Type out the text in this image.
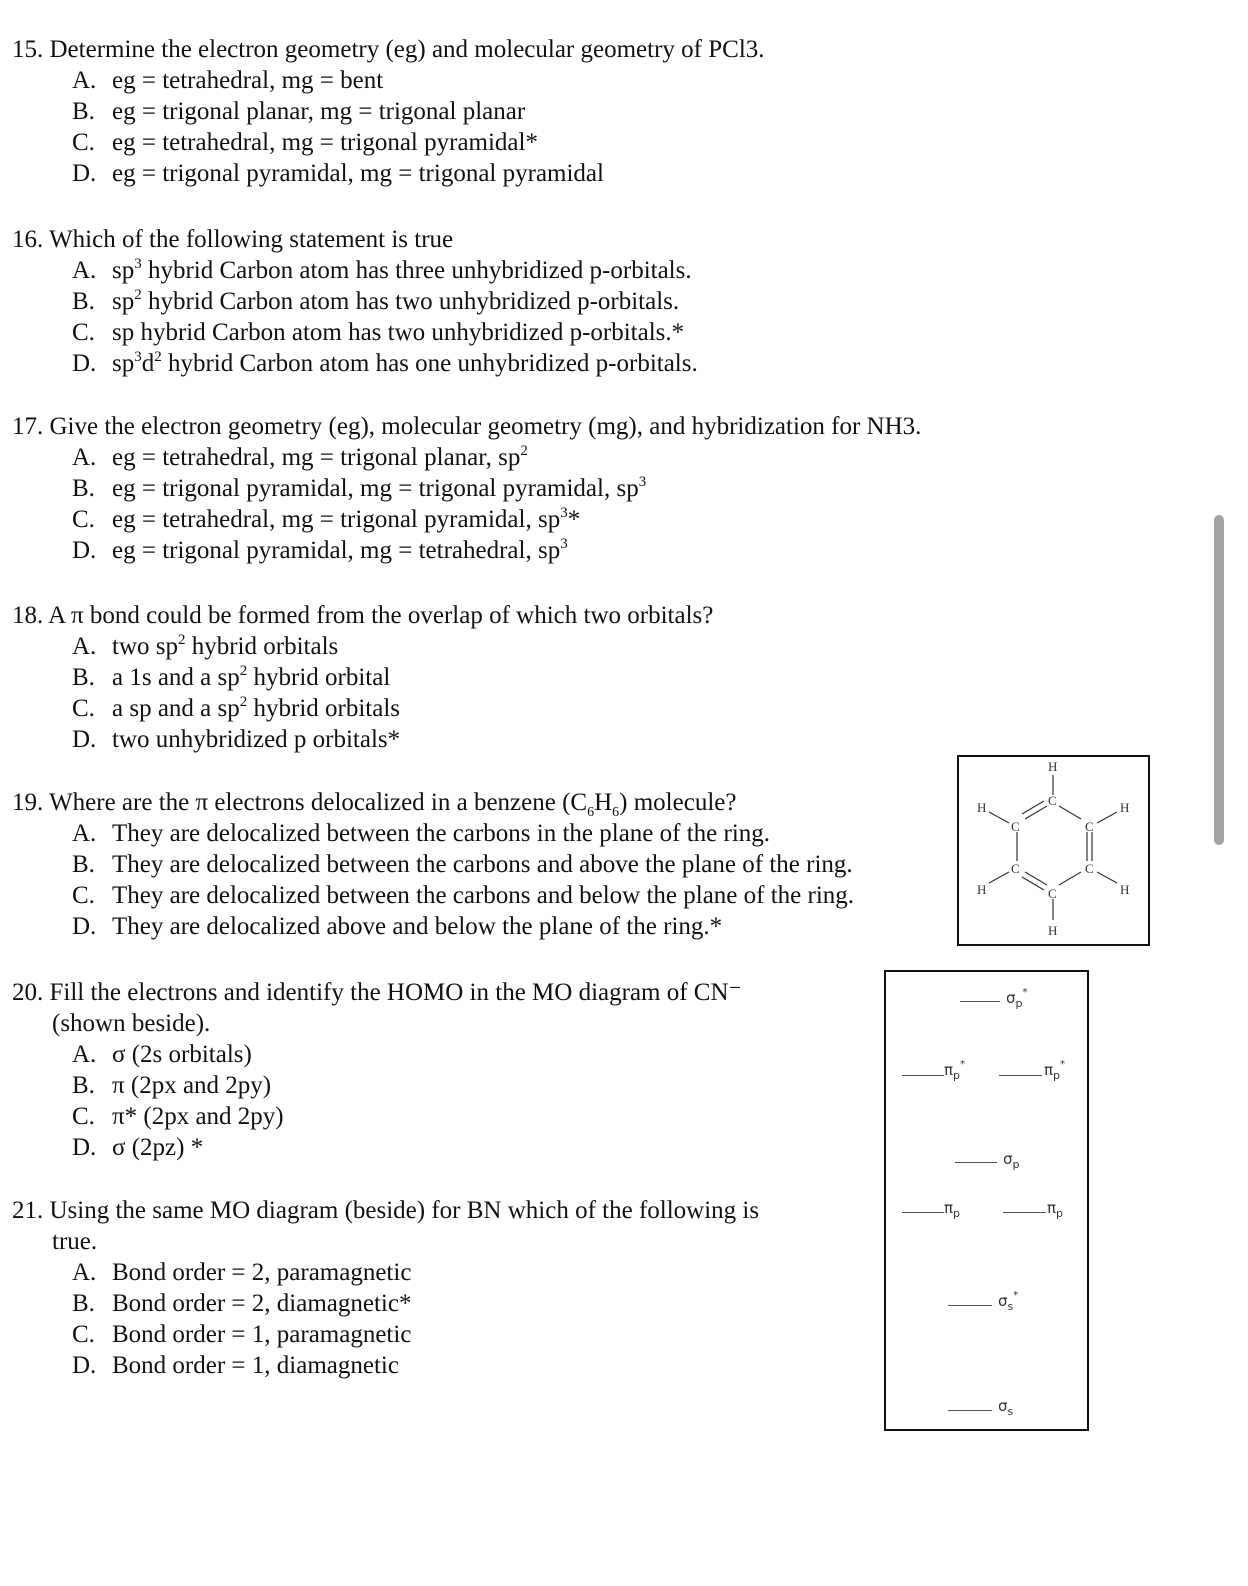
15. Determine the electron geometry (eg) and molecular geometry of PCl3.
A. eg = tetrahedral, mg = bent
B. eg = trigonal planar, mg = trigonal planar
C. eg = tetrahedral, mg = trigonal pyramidal*
D. eg = trigonal pyramidal, mg = trigonal pyramidal
16. Which of the following statement is true
A. $sp^3$ hybrid Carbon atom has three unhybridized p-orbitals.
B. $sp^2$ hybrid Carbon atom has two unhybridized p-orbitals.
C. sp hybrid Carbon atom has two unhybridized p-orbitals.*
D. $sp^3d^2$ hybrid Carbon atom has one unhybridized p-orbitals.
17. Give the electron geometry (eg), molecular geometry (mg), and hybridization for NH3.
A. eg = tetrahedral, mg = trigonal planar, $sp^2$
B. eg = trigonal pyramidal, mg = trigonal pyramidal, $sp^3$
C. eg = tetrahedral, mg = trigonal pyramidal, $sp^3*$
D. eg = trigonal pyramidal, mg = tetrahedral, $sp^3$
18. A π bond could be formed from the overlap of which two orbitals?
A. two $sp^2$ hybrid orbitals
B. a 1s and a $sp^2$ hybrid orbital
C. a sp and a $sp^2$ hybrid orbitals
D. two unhybridized p orbitals*
19. Where are the π electrons delocalized in a benzene $(C_6H_6)$ molecule?
A. They are delocalized between the carbons in the plane of the ring.
B. They are delocalized between the carbons and above the plane of the ring.
C. They are delocalized between the carbons and below the plane of the ring.
D. They are delocalized above and below the plane of the ring.*
20. Fill the electrons and identify the HOMO in the MO diagram of CN⁻
(shown beside).
A. σ (2s orbitals)
B. π (2px and 2py)
C. π* (2px and 2py)
D. σ (2pz) *
21. Using the same MO diagram (beside) for BN which of the following is
true.
A. Bond order = 2, paramagnetic
B. Bond order = 2, diamagnetic*
C. Bond order = 1, paramagnetic
D. Bond order = 1, diamagnetic
H
C
C	C
C	C
C
H
H	H
H	H
$\sigma_p^*$
$\pi_p^*$	$\pi_p^*$
$\sigma_p$
$\pi_p$	$\pi_p$
$\sigma_s^*$
$\sigma_s$
